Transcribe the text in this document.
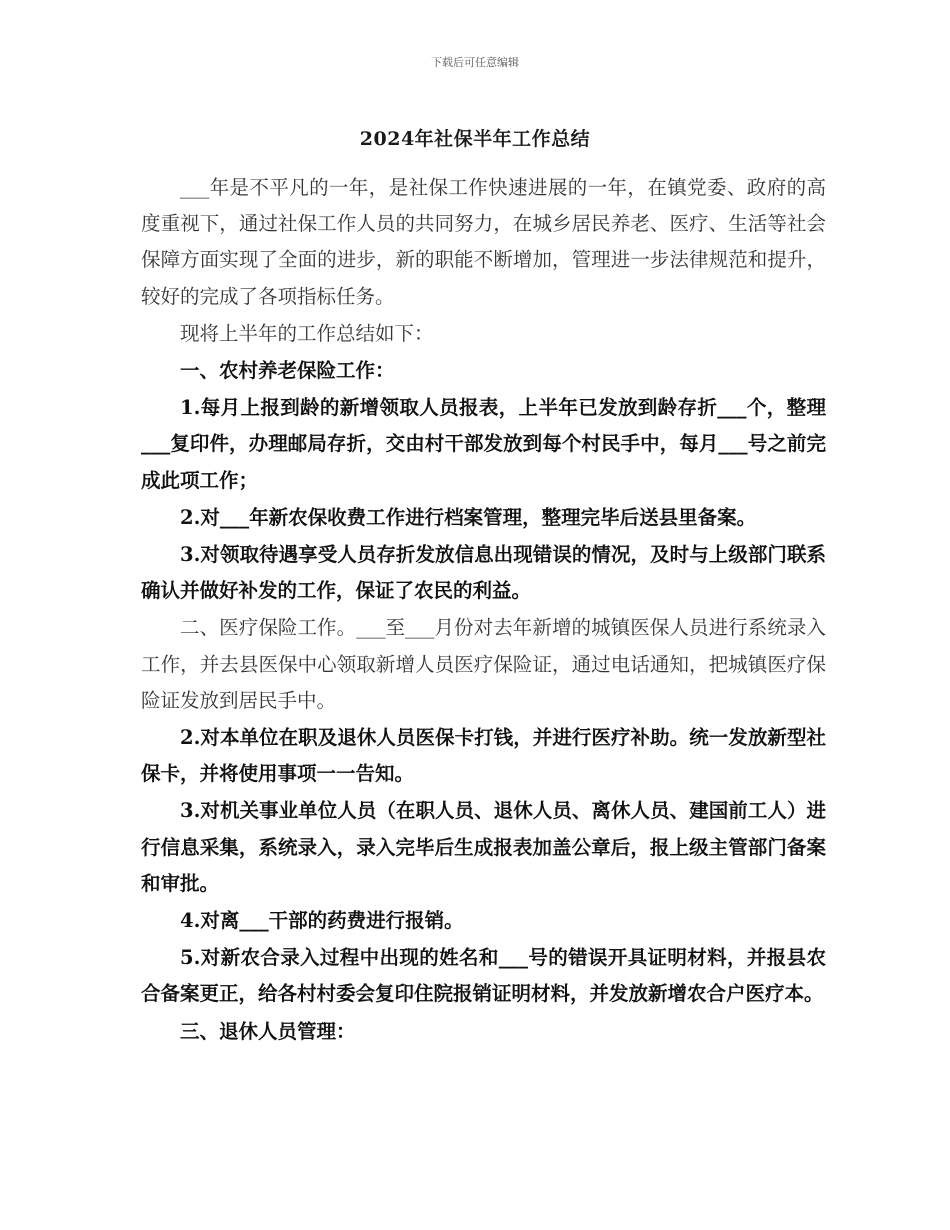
下载后可任意编辑
2024年社保半年工作总结

___年是不平凡的一年，是社保工作快速进展的一年，在镇党委、政府的高度重视下，通过社保工作人员的共同努力，在城乡居民养老、医疗、生活等社会保障方面实现了全面的进步，新的职能不断增加，管理进一步法律规范和提升，较好的完成了各项指标任务。

现将上半年的工作总结如下：

一、农村养老保险工作：

1.每月上报到龄的新增领取人员报表，上半年已发放到龄存折___个，整理___复印件，办理邮局存折，交由村干部发放到每个村民手中，每月___号之前完成此项工作；

2.对___年新农保收费工作进行档案管理，整理完毕后送县里备案。

3.对领取待遇享受人员存折发放信息出现错误的情况，及时与上级部门联系确认并做好补发的工作，保证了农民的利益。

二、医疗保险工作。___至___月份对去年新增的城镇医保人员进行系统录入工作，并去县医保中心领取新增人员医疗保险证，通过电话通知，把城镇医疗保险证发放到居民手中。

2.对本单位在职及退休人员医保卡打钱，并进行医疗补助。统一发放新型社保卡，并将使用事项一一告知。

3.对机关事业单位人员（在职人员、退休人员、离休人员、建国前工人）进行信息采集，系统录入，录入完毕后生成报表加盖公章后，报上级主管部门备案和审批。

4.对离___干部的药费进行报销。

5.对新农合录入过程中出现的姓名和___号的错误开具证明材料，并报县农合备案更正，给各村村委会复印住院报销证明材料，并发放新增农合户医疗本。

三、退休人员管理：
